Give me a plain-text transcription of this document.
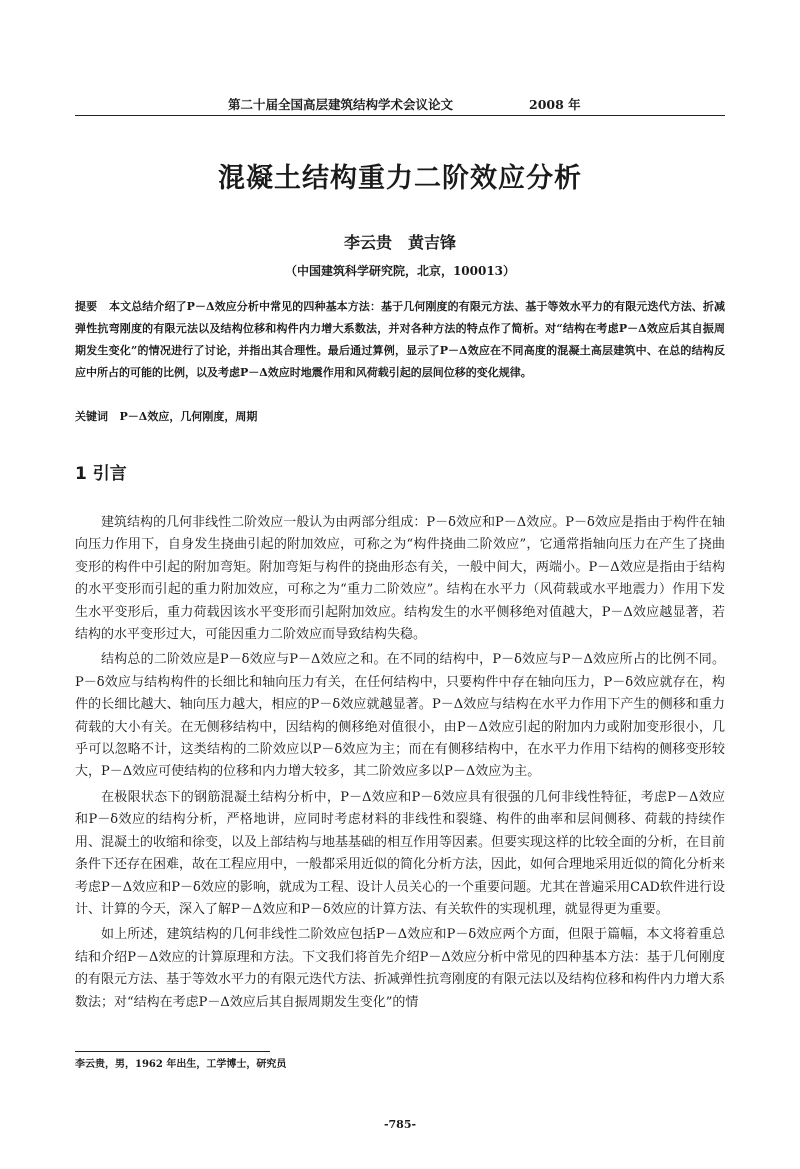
第二十届全国高层建筑结构学术会议论文	2008 年
混凝土结构重力二阶效应分析
李云贵　黄吉锋
（中国建筑科学研究院，北京，100013）
提要 本文总结介绍了P－Δ效应分析中常见的四种基本方法：基于几何刚度的有限元方法、基于等效水平力的有限元迭代方法、折减弹性抗弯刚度的有限元法以及结构位移和构件内力增大系数法，并对各种方法的特点作了简析。对“结构在考虑P－Δ效应后其自振周期发生变化”的情况进行了讨论，并指出其合理性。最后通过算例，显示了P－Δ效应在不同高度的混凝土高层建筑中、在总的结构反应中所占的可能的比例，以及考虑P－Δ效应时地震作用和风荷载引起的层间位移的变化规律。
关键词 P－Δ效应，几何刚度，周期
1 引言

建筑结构的几何非线性二阶效应一般认为由两部分组成：P－δ效应和P－Δ效应。P－δ效应是指由于构件在轴向压力作用下，自身发生挠曲引起的附加效应，可称之为“构件挠曲二阶效应”，它通常指轴向压力在产生了挠曲变形的构件中引起的附加弯矩。附加弯矩与构件的挠曲形态有关，一般中间大，两端小。P－Δ效应是指由于结构的水平变形而引起的重力附加效应，可称之为“重力二阶效应”。结构在水平力（风荷载或水平地震力）作用下发生水平变形后，重力荷载因该水平变形而引起附加效应。结构发生的水平侧移绝对值越大，P－Δ效应越显著，若结构的水平变形过大，可能因重力二阶效应而导致结构失稳。

结构总的二阶效应是P－δ效应与P－Δ效应之和。在不同的结构中，P－δ效应与P－Δ效应所占的比例不同。P－δ效应与结构构件的长细比和轴向压力有关，在任何结构中，只要构件中存在轴向压力，P－δ效应就存在，构件的长细比越大、轴向压力越大，相应的P－δ效应就越显著。P－Δ效应与结构在水平力作用下产生的侧移和重力荷载的大小有关。在无侧移结构中，因结构的侧移绝对值很小，由P－Δ效应引起的附加内力或附加变形很小，几乎可以忽略不计，这类结构的二阶效应以P－δ效应为主；而在有侧移结构中，在水平力作用下结构的侧移变形较大，P－Δ效应可使结构的位移和内力增大较多，其二阶效应多以P－Δ效应为主。

在极限状态下的钢筋混凝土结构分析中，P－Δ效应和P－δ效应具有很强的几何非线性特征，考虑P－Δ效应和P－δ效应的结构分析，严格地讲，应同时考虑材料的非线性和裂缝、构件的曲率和层间侧移、荷载的持续作用、混凝土的收缩和徐变，以及上部结构与地基基础的相互作用等因素。但要实现这样的比较全面的分析，在目前条件下还存在困难，故在工程应用中，一般都采用近似的简化分析方法，因此，如何合理地采用近似的简化分析来考虑P－Δ效应和P－δ效应的影响，就成为工程、设计人员关心的一个重要问题。尤其在普遍采用CAD软件进行设计、计算的今天，深入了解P－Δ效应和P－δ效应的计算方法、有关软件的实现机理，就显得更为重要。

如上所述，建筑结构的几何非线性二阶效应包括P－Δ效应和P－δ效应两个方面，但限于篇幅，本文将着重总结和介绍P－Δ效应的计算原理和方法。下文我们将首先介绍P－Δ效应分析中常见的四种基本方法：基于几何刚度的有限元方法、基于等效水平力的有限元迭代方法、折减弹性抗弯刚度的有限元法以及结构位移和构件内力增大系数法；对“结构在考虑P－Δ效应后其自振周期发生变化”的情

李云贵，男，1962 年出生，工学博士，研究员
-785-
